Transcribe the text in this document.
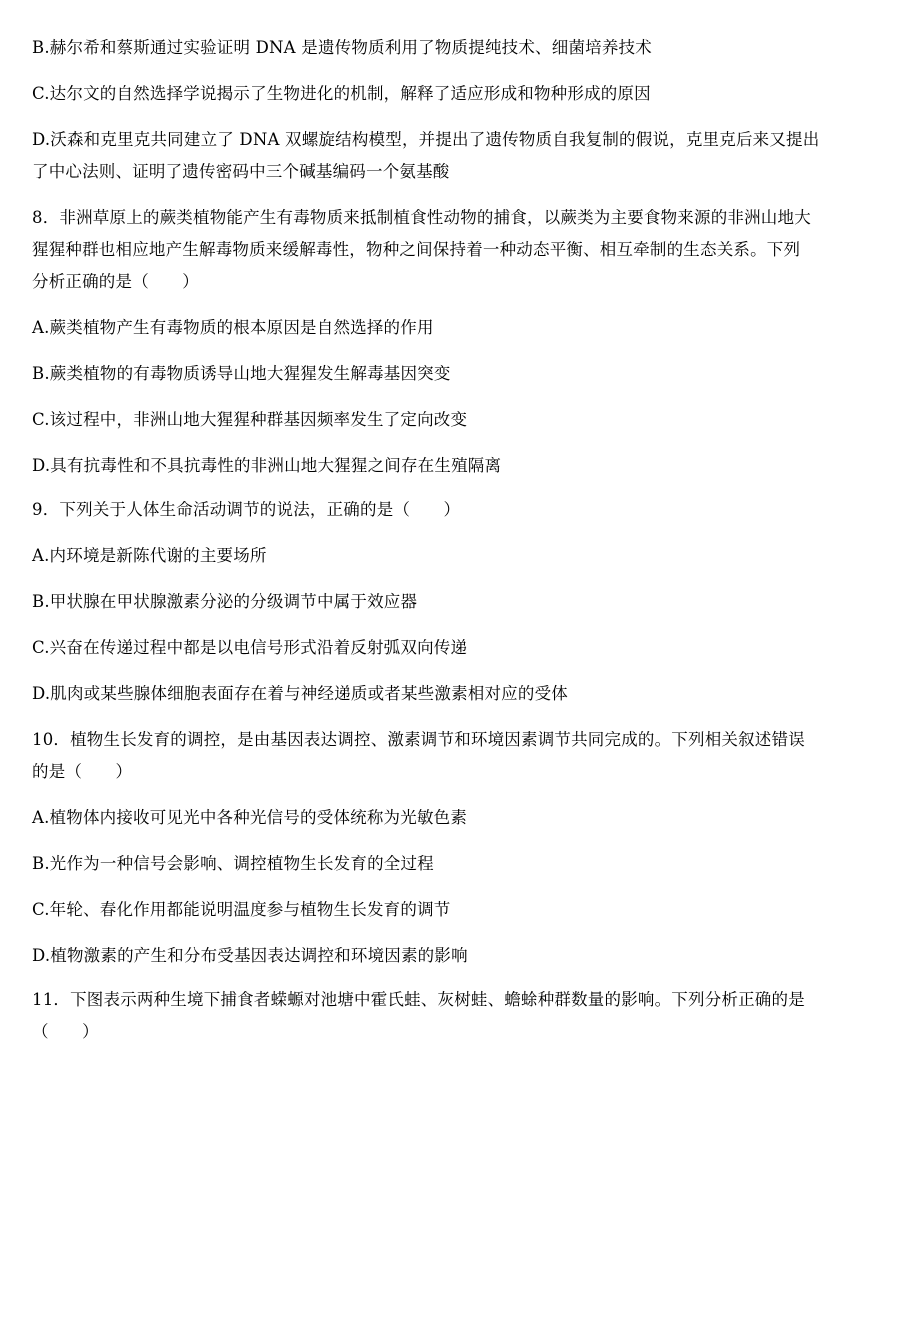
B.赫尔希和蔡斯通过实验证明 DNA 是遗传物质利用了物质提纯技术、细菌培养技术
C.达尔文的自然选择学说揭示了生物进化的机制，解释了适应形成和物种形成的原因
D.沃森和克里克共同建立了 DNA 双螺旋结构模型，并提出了遗传物质自我复制的假说，克里克后来又提出
了中心法则、证明了遗传密码中三个碱基编码一个氨基酸
8．非洲草原上的蕨类植物能产生有毒物质来抵制植食性动物的捕食，以蕨类为主要食物来源的非洲山地大
猩猩种群也相应地产生解毒物质来缓解毒性，物种之间保持着一种动态平衡、相互牵制的生态关系。下列
分析正确的是（　　）
A.蕨类植物产生有毒物质的根本原因是自然选择的作用
B.蕨类植物的有毒物质诱导山地大猩猩发生解毒基因突变
C.该过程中，非洲山地大猩猩种群基因频率发生了定向改变
D.具有抗毒性和不具抗毒性的非洲山地大猩猩之间存在生殖隔离
9．下列关于人体生命活动调节的说法，正确的是（　　）
A.内环境是新陈代谢的主要场所
B.甲状腺在甲状腺激素分泌的分级调节中属于效应器
C.兴奋在传递过程中都是以电信号形式沿着反射弧双向传递
D.肌肉或某些腺体细胞表面存在着与神经递质或者某些激素相对应的受体
10．植物生长发育的调控，是由基因表达调控、激素调节和环境因素调节共同完成的。下列相关叙述错误
的是（　　）
A.植物体内接收可见光中各种光信号的受体统称为光敏色素
B.光作为一种信号会影响、调控植物生长发育的全过程
C.年轮、春化作用都能说明温度参与植物生长发育的调节
D.植物激素的产生和分布受基因表达调控和环境因素的影响
11．下图表示两种生境下捕食者蝾螈对池塘中霍氏蛙、灰树蛙、蟾蜍种群数量的影响。下列分析正确的是
（　　）
